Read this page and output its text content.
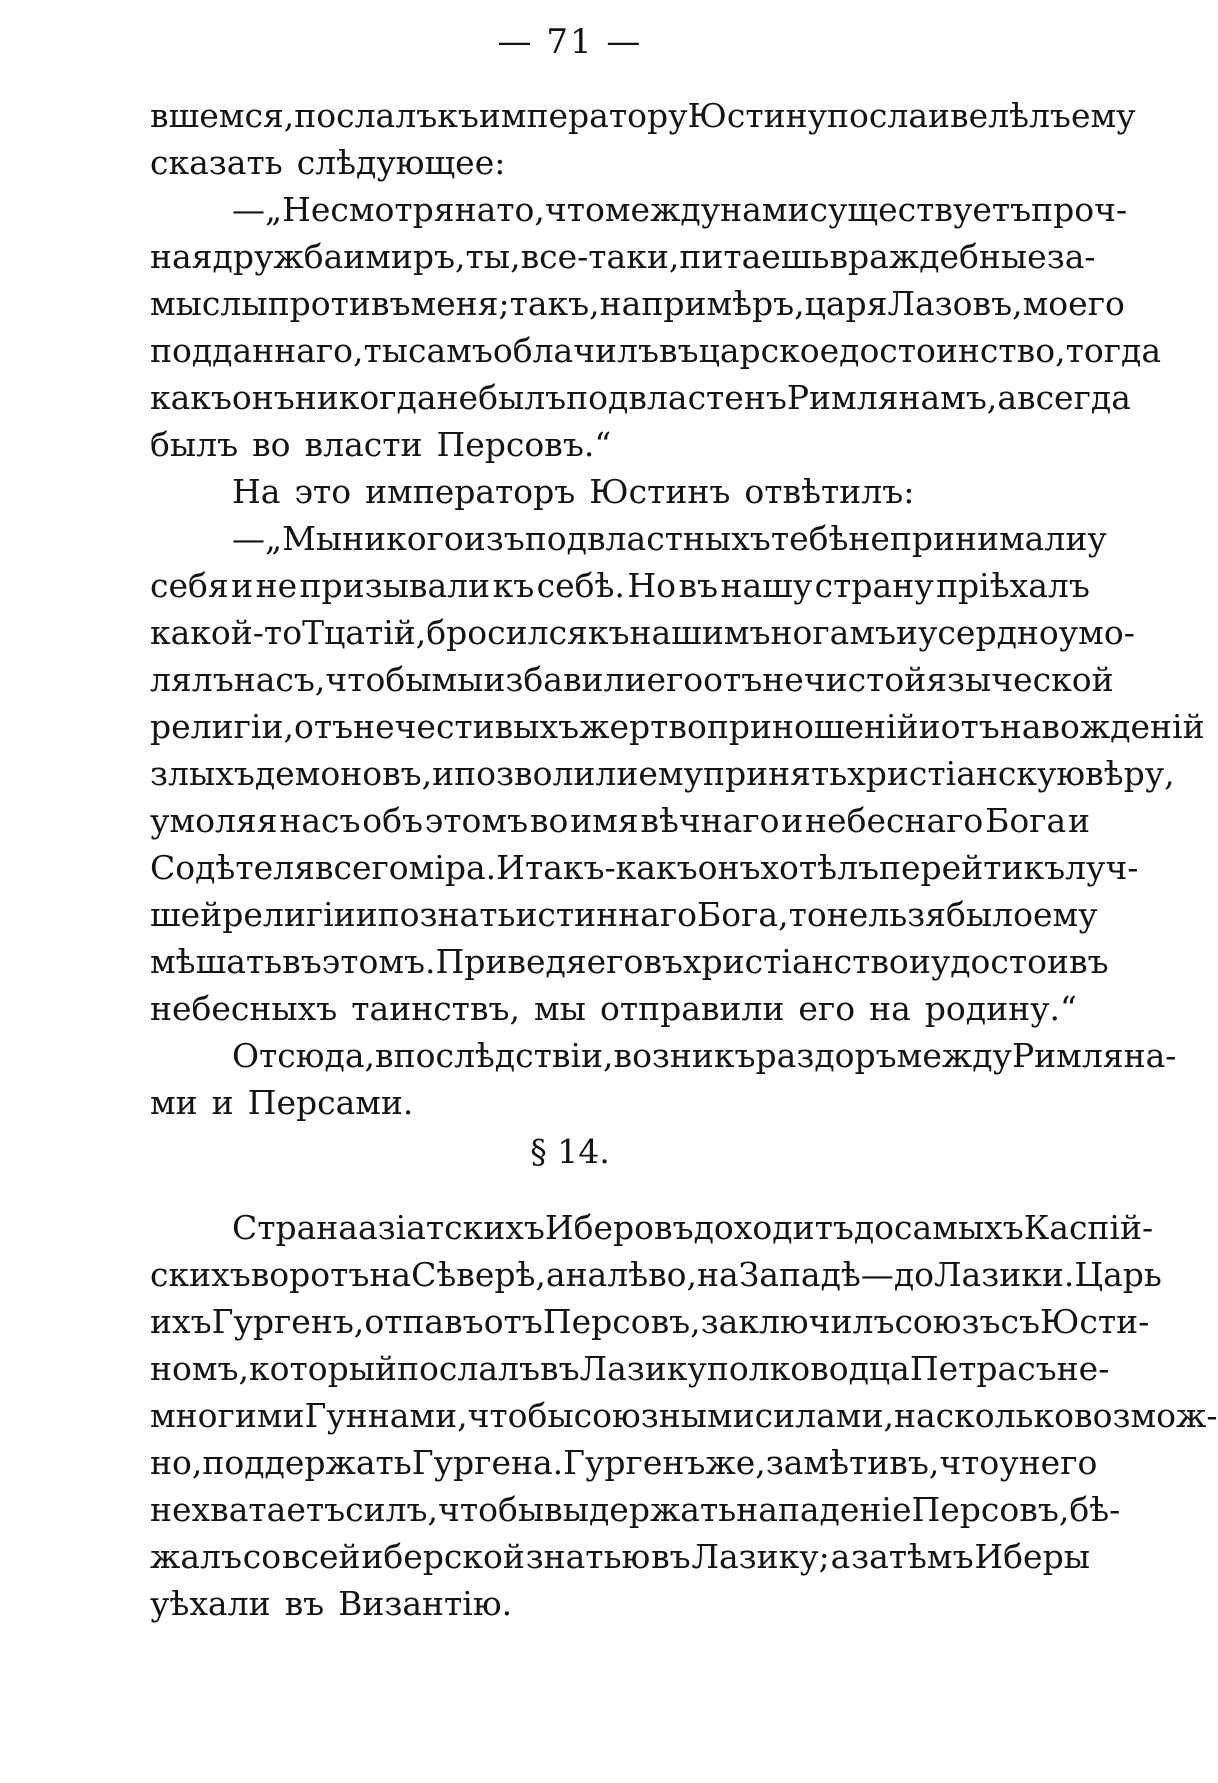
— 71 —
вшемся, послалъ къ императору Юстину посла и велѣлъ ему
сказать слѣдующее:
—„Несмотря на то, что между нами существуетъ проч-
ная дружба и миръ, ты, все-таки, питаешь враждебные за-
мыслы противъ меня; такъ, напримѣръ, царя Лазовъ, моего
подданнаго, ты самъ облачилъ въ царское достоинство, тогда
какъ онъ никогда не былъ подвластенъ Римлянамъ, а всегда
былъ во власти Персовъ.“
На это императоръ Юстинъ отвѣтилъ:
—„Мы никого изъ подвластныхъ тебѣ не принимали у
себя и не призывали къ себѣ. Но въ нашу страну прiѣхалъ
какой-то Тцатiй, бросился къ нашимъ ногамъ и усердно умо-
лялъ насъ, чтобы мы избавили его отъ нечистой языческой
религiи, отъ нечестивыхъ жертвоприношенiй и отъ навожденiй
злыхъ демоновъ, и позволили ему принять христiанскую вѣру,
умоляя насъ объ этомъ во имя вѣчнаго и небеснаго Бога и
Содѣтеля всего мiра. И такъ-какъ онъ хотѣлъ перейти къ луч-
шей религiи и познать истиннаго Бога, то нельзя было ему
мѣшать въ этомъ. Приведя его въ христiанство и удостоивъ
небесныхъ таинствъ, мы отправили его на родину.“
Отсюда, впослѣдствiи, возникъ раздоръ между Римляна-
ми и Персами.
§ 14.
Страна азiатскихъ Иберовъ доходитъ до самыхъ Каспiй-
скихъ воротъ на Сѣверѣ, а налѣво, на Западѣ—до Лазики. Царь
ихъ Гургенъ, отпавъ отъ Персовъ, заключилъ союзъ съ Юсти-
номъ, который послалъ въ Лазику полководца Петра съ не-
многими Гуннами, чтобы союзными силами, насколько возмож-
но, поддержать Гургена. Гургенъ же, замѣтивъ, что у него
не хватаетъ силъ, чтобы выдержать нападенiе Персовъ, бѣ-
жалъ со всей иберской знатью въ Лазику; а затѣмъ Иберы
уѣхали въ Византiю.
